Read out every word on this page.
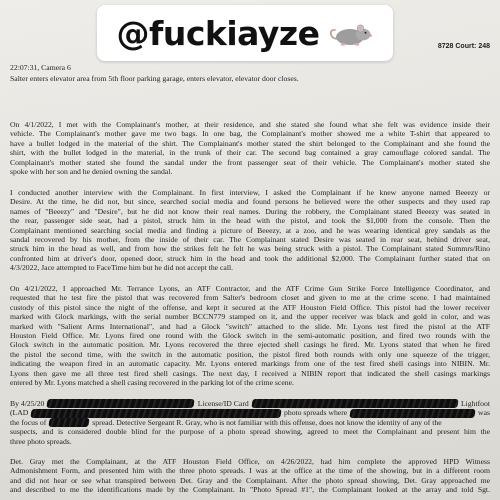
@fuckiayze	8728 Court: 248
22:07:31, Camera 6
Salter enters elevator area from 5th floor parking garage, enters elevator, elevator door closes.
On 4/1/2022, I met with the Complainant's mother, at their residence, and she stated she found what she felt was evidence inside their
vehicle. The Complainant's mother gave me two bags. In one bag, the Complainant's mother showed me a white T-shirt that appeared to
have a bullet lodged in the material of the shirt. The Complainant's mother stated the shirt belonged to the Complainant and she found the
shirt, with the bullet lodged in the material, in the trunk of their car. The second bag contained a gray camouflage colored sandal. The
Complainant's mother stated she found the sandal under the front passenger seat of their vehicle. The Complainant's mother stated she
spoke with her son and he denied owning the sandal.
I conducted another interview with the Complainant. In first interview, I asked the Complainant if he knew anyone named Beeezy or
Desire. At the time, he did not, but since, searched social media and found persons he believed were the other suspects and they used rap
names of "Beeezy" and "Desire", but he did not know their real names. During the robbery, the Complainant stated Beeezy was seated in
the rear, passenger side seat, had a pistol, struck him in the head with the pistol, and took the $1,000 from the console. Then the
Complainant mentioned searching social media and finding a picture of Beeezy, at a zoo, and he was wearing identical grey sandals as the
sandal recovered by his mother, from the inside of their car. The Complainant stated Desire was seated in rear seat, behind driver seat,
struck him in the head as well, and from how the strikes felt he felt he was being struck with a pistol. The Complainant stated Summrs/Rino
confronted him at driver's door, opened door, struck him in the head and took the additional $2,000. The Complainant further stated that on
4/3/2022, Jace attempted to FaceTime him but he did not accept the call.
On 4/21/2022, I approached Mr. Terrance Lyons, an ATF Contractor, and the ATF Crime Gun Strike Force Intelligence Coordinator, and
requested that he test fire the pistol that was recovered from Salter's bedroom closet and given to me at the crime scene. I had maintained
custody of this pistol since the night of the offense, and kept it secured at the ATF Houston Field Office. This pistol had the lower receiver
marked with Glock markings, with the serial number BCCN779 stamped on it, and the upper receiver was black and gold in color, and was
marked with "Salient Arms International", and had a Glock "switch" attached to the slide. Mr. Lyons test fired the pistol at the ATF
Houston Field Office. Mr. Lyons fired one round with the Glock switch in the semi-automatic position, and fired two rounds with the
Glock switch in the automatic position. Mr. Lyons recovered the three ejected shell casings he fired. Mr. Lyons stated that when he fired
the pistol the second time, with the switch in the automatic position, the pistol fired both rounds with only one squeeze of the trigger,
indicating the weapon fired in an automatic capacity. Mr. Lyons entered markings from one of the test fired shell casings into NIBIN. Mr.
Lyons then gave me all three test fired shell casings. The next day, I received a NIBIN report that indicated the shell casings markings
entered by Mr. Lyons matched a shell casing recovered in the parking lot of the crime scene.
By 4/25/20	License/ID Card	Lightfoot
(LAD	photo spreads where	was
the focus of	spread. Detective Sergeant R. Gray, who is not familiar with this offense, does not know the identity of any of the
suspects, and is considered double blind for the purpose of a photo spread showing, agreed to meet the Complainant and present him the
three photo spreads.
Det. Gray met the Complainant, at the ATF Houston Field Office, on 4/26/2022, had him complete the approved HPD Witness
Admonishment Form, and presented him with the three photo spreads. I was at the office at the time of the showing, but in a different room
and did not hear or see what transpired between Det. Gray and the Complainant. After the photo spread showing, Det. Gray approached me
and described to me the identifications made by the Complainant. In "Photo Spread #1", the Complainant looked at the array and told Sgt.
